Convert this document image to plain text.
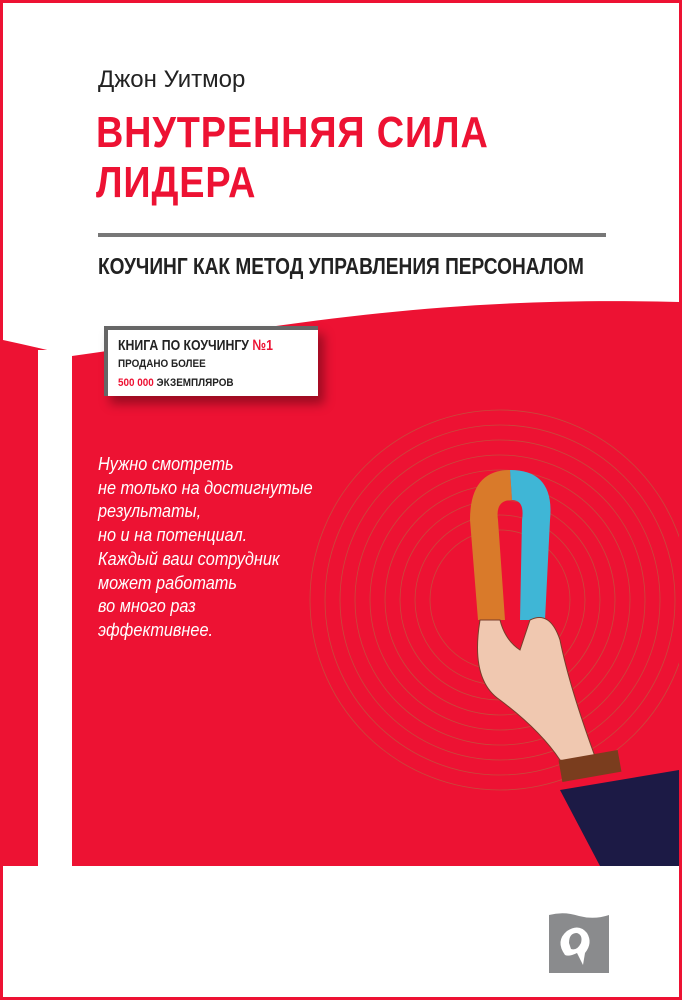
Джон Уитмор
ВНУТРЕННЯЯ СИЛА
ЛИДЕРА
КОУЧИНГ КАК МЕТОД УПРАВЛЕНИЯ ПЕРСОНАЛОМ
КНИГА ПО КОУЧИНГУ №1
ПРОДАНО БОЛЕЕ
500 000 ЭКЗЕМПЛЯРОВ
Нужно смотреть
не только на достигнутые
результаты,
но и на потенциал.
Каждый ваш сотрудник
может работать
во много раз
эффективнее.
